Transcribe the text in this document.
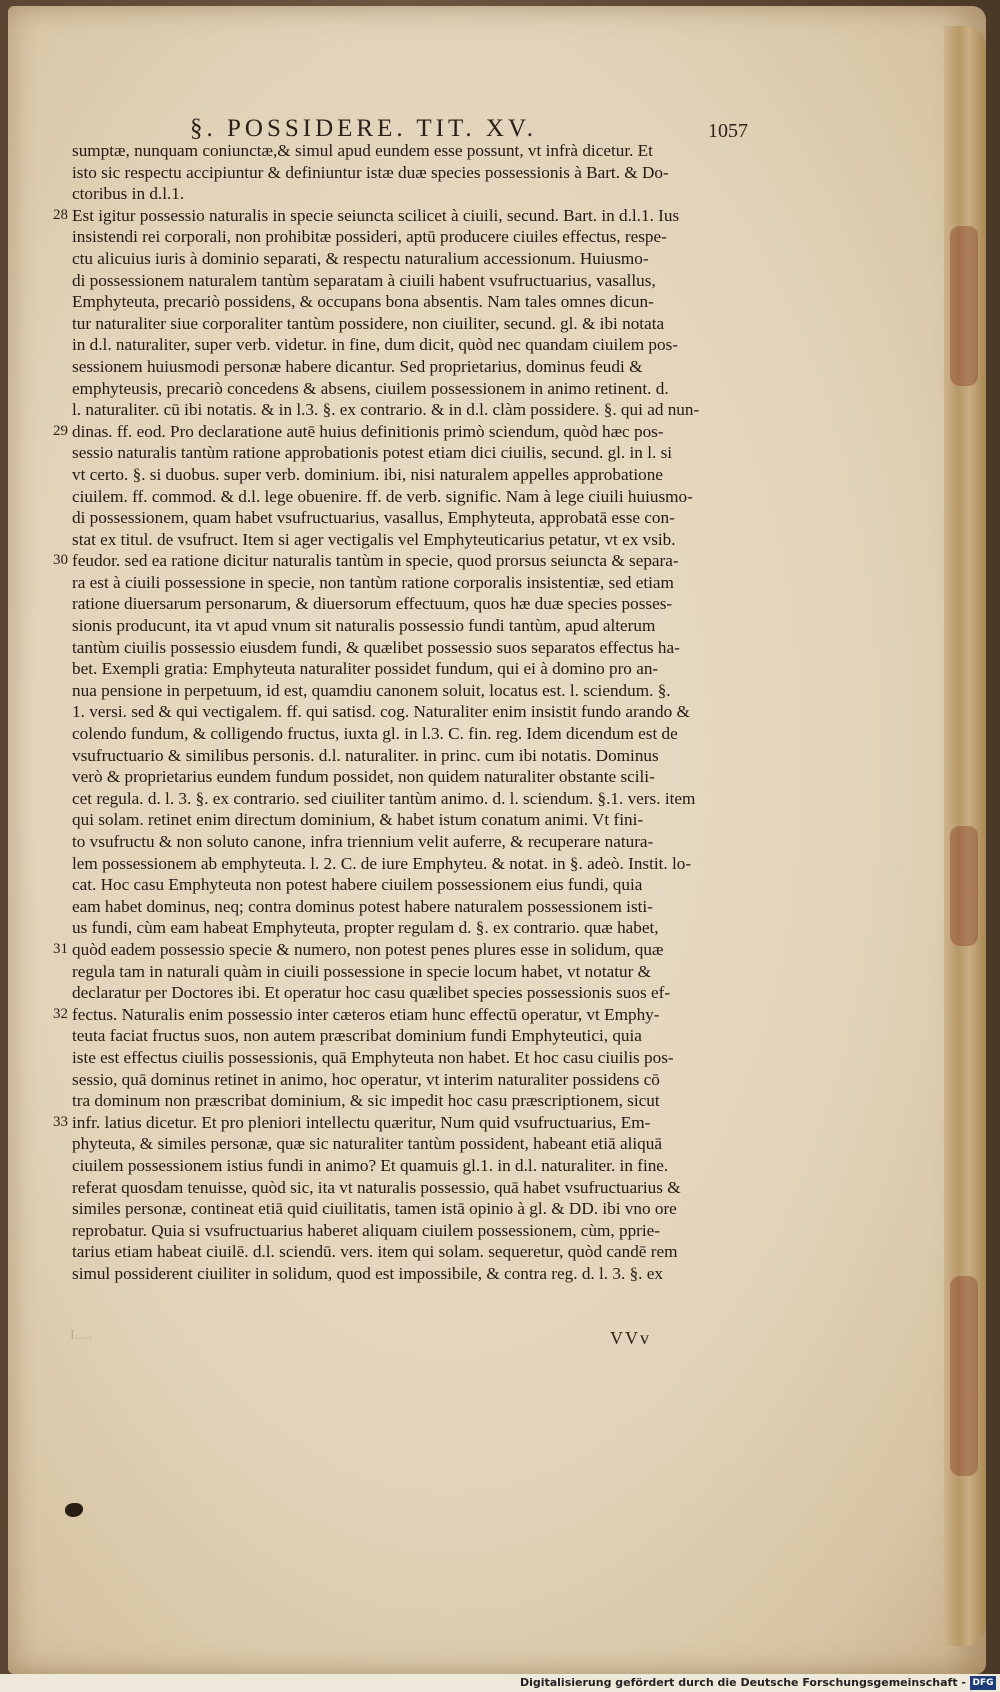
§. POSSIDERE. TIT. XV.	1057
sumptæ, nunquam coniunctæ,& simul apud eundem esse possunt, vt infrà dicetur. Et
isto sic respectu accipiuntur & definiuntur istæ duæ species possessionis à Bart. & Do-
ctoribus in d.l.1.
28 Est igitur possessio naturalis in specie seiuncta scilicet à ciuili, secund. Bart. in d.l.1. Ius
insistendi rei corporali, non prohibitæ possideri, aptū producere ciuiles effectus, respe-
ctu alicuius iuris à dominio separati, & respectu naturalium accessionum. Huiusmo-
di possessionem naturalem tantùm separatam à ciuili habent vsufructuarius, vasallus,
Emphyteuta, precariò possidens, & occupans bona absentis. Nam tales omnes dicun-
tur naturaliter siue corporaliter tantùm possidere, non ciuiliter, secund. gl. & ibi notata
in d.l. naturaliter, super verb. videtur. in fine, dum dicit, quòd nec quandam ciuilem pos-
sessionem huiusmodi personæ habere dicantur. Sed proprietarius, dominus feudi &
emphyteusis, precariò concedens & absens, ciuilem possessionem in animo retinent. d.
l. naturaliter. cū ibi notatis. & in l.3. §. ex contrario. & in d.l. clàm possidere. §. qui ad nun-
29 dinas. ff. eod. Pro declaratione autē huius definitionis primò sciendum, quòd hæc pos-
sessio naturalis tantùm ratione approbationis potest etiam dici ciuilis, secund. gl. in l. si
vt certo. §. si duobus. super verb. dominium. ibi, nisi naturalem appelles approbatione
ciuilem. ff. commod. & d.l. lege obuenire. ff. de verb. signific. Nam à lege ciuili huiusmo-
di possessionem, quam habet vsufructuarius, vasallus, Emphyteuta, approbatā esse con-
stat ex titul. de vsufruct. Item si ager vectigalis vel Emphyteuticarius petatur, vt ex vsib.
30 feudor. sed ea ratione dicitur naturalis tantùm in specie, quod prorsus seiuncta & separa-
ra est à ciuili possessione in specie, non tantùm ratione corporalis insistentiæ, sed etiam
ratione diuersarum personarum, & diuersorum effectuum, quos hæ duæ species posses-
sionis producunt, ita vt apud vnum sit naturalis possessio fundi tantùm, apud alterum
tantùm ciuilis possessio eiusdem fundi, & quælibet possessio suos separatos effectus ha-
bet. Exempli gratia: Emphyteuta naturaliter possidet fundum, qui ei à domino pro an-
nua pensione in perpetuum, id est, quamdiu canonem soluit, locatus est. l. sciendum. §.
1. versi. sed & qui vectigalem. ff. qui satisd. cog. Naturaliter enim insistit fundo arando &
colendo fundum, & colligendo fructus, iuxta gl. in l.3. C. fin. reg. Idem dicendum est de
vsufructuario & similibus personis. d.l. naturaliter. in princ. cum ibi notatis. Dominus
verò & proprietarius eundem fundum possidet, non quidem naturaliter obstante scili-
cet regula. d. l. 3. §. ex contrario. sed ciuiliter tantùm animo. d. l. sciendum. §.1. vers. item
qui solam. retinet enim directum dominium, & habet istum conatum animi. Vt fini-
to vsufructu & non soluto canone, infra triennium velit auferre, & recuperare natura-
lem possessionem ab emphyteuta. l. 2. C. de iure Emphyteu. & notat. in §. adeò. Instit. lo-
cat. Hoc casu Emphyteuta non potest habere ciuilem possessionem eius fundi, quia
eam habet dominus, neq; contra dominus potest habere naturalem possessionem isti-
us fundi, cùm eam habeat Emphyteuta, propter regulam d. §. ex contrario. quæ habet,
31 quòd eadem possessio specie & numero, non potest penes plures esse in solidum, quæ
regula tam in naturali quàm in ciuili possessione in specie locum habet, vt notatur &
declaratur per Doctores ibi. Et operatur hoc casu quælibet species possessionis suos ef-
32 fectus. Naturalis enim possessio inter cæteros etiam hunc effectū operatur, vt Emphy-
teuta faciat fructus suos, non autem præscribat dominium fundi Emphyteutici, quia
iste est effectus ciuilis possessionis, quā Emphyteuta non habet. Et hoc casu ciuilis pos-
sessio, quā dominus retinet in animo, hoc operatur, vt interim naturaliter possidens cō
tra dominum non præscribat dominium, & sic impedit hoc casu præscriptionem, sicut
33 infr. latius dicetur. Et pro pleniori intellectu quæritur, Num quid vsufructuarius, Em-
phyteuta, & similes personæ, quæ sic naturaliter tantùm possident, habeant etiā aliquā
ciuilem possessionem istius fundi in animo? Et quamuis gl.1. in d.l. naturaliter. in fine.
referat quosdam tenuisse, quòd sic, ita vt naturalis possessio, quā habet vsufructuarius &
similes personæ, contineat etiā quid ciuilitatis, tamen istā opinio à gl. & DD. ibi vno ore
reprobatur. Quia si vsufructuarius haberet aliquam ciuilem possessionem, cùm, pprie-
tarius etiam habeat ciuilē. d.l. sciendū. vers. item qui solam. sequeretur, quòd candē rem
simul possiderent ciuiliter in solidum, quod est impossibile, & contra reg. d. l. 3. §. ex
I.....	VVv
Digitalisierung gefördert durch die Deutsche Forschungsgemeinschaft - DFG
